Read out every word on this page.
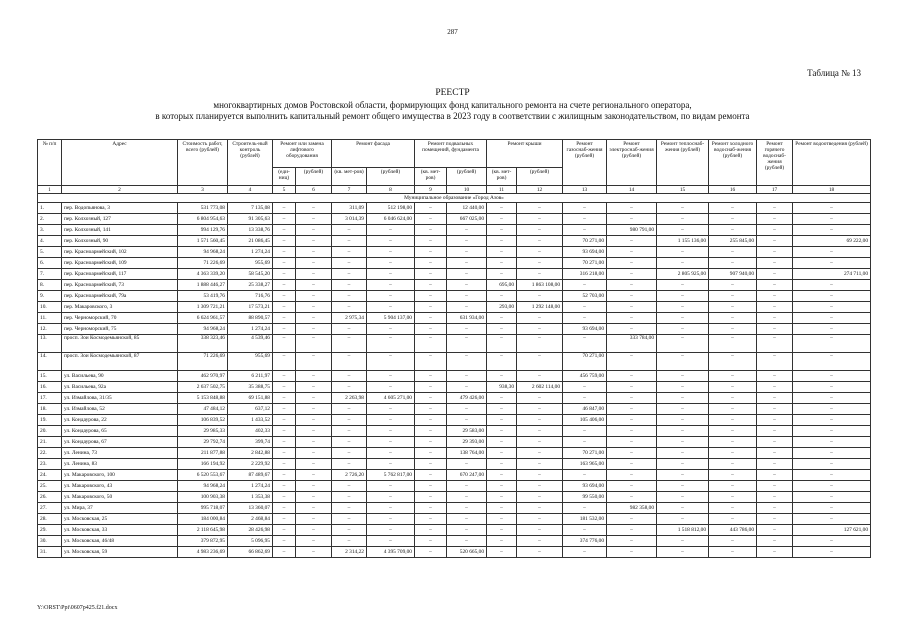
287
Таблица № 13
РЕЕСТР
многоквартирных домов Ростовской области, формирующих фонд капитального ремонта на счете регионального оператора,
в которых планируется выполнить капитальный ремонт общего имущества в 2023 году в соответствии с жилищным законодательством, по видам ремонта
№ п/п	Адрес	Стоимость работ, всего (рублей)	Строитель-ный контроль (рублей)	Ремонт или замена лифтового оборудования		Ремонт фасада		Ремонт подвальных помещений, фундамента		Ремонт крыши		Ремонт газоснаб-жения (рублей)	Ремонт электроснаб-жения (рублей)	Ремонт теплоснаб-жения (рублей)	Ремонт холодного водоснаб-жения (рублей)	Ремонт горячего водоснаб-жения (рублей)	Ремонт водоотведения (рублей)
				(еди-ниц)	(рублей)	(кв. мет-ров)	(рублей)	(кв. мет-ров)	(рублей)	(кв. мет-ров)	(рублей)						
1	2	3	4	5	6	7	8	9	10	11	12	13	14	15	16	17	18
Муниципальное образование «Город Азов»																	
1.	пер. Водопьянова, 3	531 773,08	7 135,08	–	–	311,09	512 198,00	–	12 440,00	–	–	–	–	–	–	–	–
2.	пер. Колхозный, 127	6 804 954,63	91 305,63	–	–	3 014,39	6 046 624,00	–	667 025,00	–	–	–	–	–	–	–	–
3.	пер. Колхозный, 141	994 129,76	13 338,76	–	–	–	–	–	–	–	–	–	980 791,00	–	–	–	–
4.	пер. Колхозный, 90	1 571 560,45	21 086,45	–	–	–	–	–	–	–	–	70 271,00	–	1 155 136,00	255 845,00	–	69 222,00
5.	пер. Красноармейский, 102	94 968,24	1 274,24	–	–	–	–	–	–	–	–	93 694,00	–	–	–	–	–
6.	пер. Красноармейский, 109	71 226,69	955,69	–	–	–	–	–	–	–	–	70 271,00	–	–	–	–	–
7.	пер. Красноармейский, 117	4 363 339,20	58 545,20	–	–	–	–	–	–	–	–	316 218,00	–	2 805 925,00	907 940,00	–	274 711,00
8.	пер. Красноармейский, 73	1 888 446,27	25 338,27	–	–	–	–	–	–	695,00	1 863 108,00	–	–	–	–	–	–
9.	пер. Красноармейский, 79а	53 419,76	716,76	–	–	–	–	–	–	–	–	52 703,00	–	–	–	–	–
10.	пер. Макаровского, 3	1 309 721,21	17 573,21	–	–	–	–	–	–	293,00	1 292 148,00	–	–	–	–	–	–
11.	пер. Черноморский, 70	6 624 961,57	88 890,57	–	–	2 975,34	5 904 137,00	–	631 934,00	–	–	–	–	–	–	–	–
12.	пер. Черноморский, 75	94 968,24	1 274,24	–	–	–	–	–	–	–	–	93 694,00	–	–	–	–	–
13.	просп. Зои Космодемьянской, 85	338 323,46	4 539,46	–	–	–	–	–	–	–	–	–	333 784,00	–	–	–	–
14.	просп. Зои Космодемьянской, 87	71 226,69	955,69	–	–	–	–	–	–	–	–	70 271,00	–	–	–	–	–
15.	ул. Васильева, 90	462 970,97	6 211,97	–	–	–	–	–	–	–	–	456 759,00	–	–	–	–	–
16.	ул. Васильева, 92а	2 637 502,75	35 388,75	–	–	–	–	–	–	938,30	2 602 114,00	–	–	–	–	–	–
17.	ул. Измайлова, 31/35	5 153 848,88	69 151,88	–	–	2 263,98	4 605 271,00	–	479 426,00	–	–	–	–	–	–	–	–
18.	ул. Измайлова, 52	47 484,12	637,12	–	–	–	–	–	–	–	–	46 847,00	–	–	–	–	–
19.	ул. Кондаурова, 22	106 839,52	1 433,52	–	–	–	–	–	–	–	–	105 406,00	–	–	–	–	–
20.	ул. Кондаурова, 65	29 985,33	402,33	–	–	–	–	–	29 583,00	–	–	–	–	–	–	–	–
21.	ул. Кондаурова, 67	29 792,74	399,74	–	–	–	–	–	29 393,00	–	–	–	–	–	–	–	–
22.	ул. Ленина, 73	211 877,88	2 842,88	–	–	–	–	–	138 764,00	–	–	70 271,00	–	–	–	–	–
23.	ул. Ленина, 83	166 194,92	2 229,92	–	–	–	–	–	–	–	–	163 965,00	–	–	–	–	–
24.	ул. Макаровского, 100	6 520 553,67	87 489,67	–	–	2 726,20	5 762 817,00	–	670 247,00	–	–	–	–	–	–	–	–
25.	ул. Макаровского, 43	94 968,24	1 274,24	–	–	–	–	–	–	–	–	93 694,00	–	–	–	–	–
26.	ул. Макаровского, 50	100 903,38	1 353,38	–	–	–	–	–	–	–	–	99 550,00	–	–	–	–	–
27.	ул. Мира, 37	995 718,07	13 360,07	–	–	–	–	–	–	–	–	–	982 358,00	–	–	–	–
28.	ул. Московская, 25	184 000,84	2 468,84	–	–	–	–	–	–	–	–	181 532,00	–	–	–	–	–
29.	ул. Московская, 33	2 118 645,98	28 426,98	–	–	–	–	–	–	–	–	–	–	1 518 812,00	443 786,00	–	127 621,00
30.	ул. Московская, 46/48	379 872,95	5 096,95	–	–	–	–	–	–	–	–	374 776,00	–	–	–	–	–
31.	ул. Московская, 59	4 983 236,69	66 862,69	–	–	2 314,22	4 395 709,00	–	520 665,00	–	–	–	–	–	–	–	–
Y:\ORST\Ppi\0607p425.f21.docx
